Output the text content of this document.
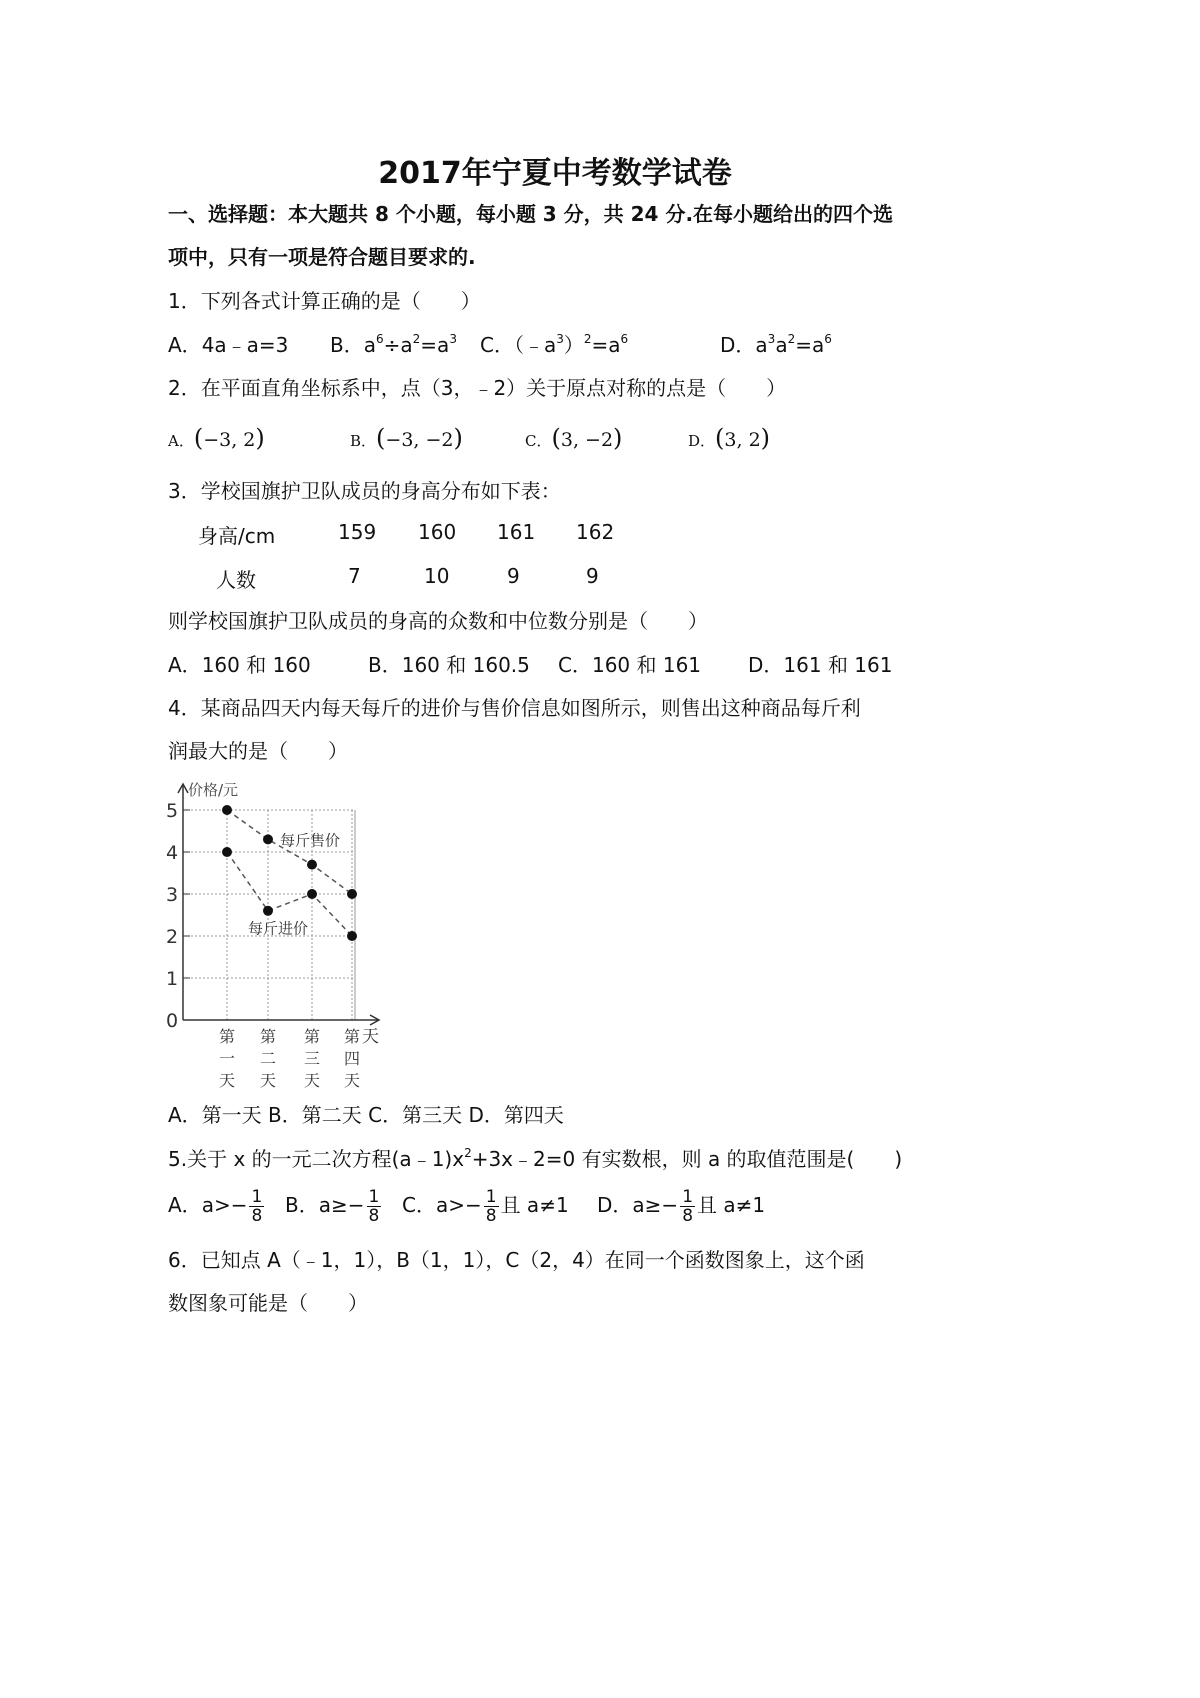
2017年宁夏中考数学试卷
一、选择题：本大题共 8 个小题，每小题 3 分，共 24 分.在每小题给出的四个选
项中，只有一项是符合题目要求的.
1．下列各式计算正确的是（　　）
A．4a﹣a=3 B．$a^6\div a^2=a^3$ C．$(﹣a^3)^2=a^6$	D．$a^3a^2=a^6$
2．在平面直角坐标系中，点（3，﹣2）关于原点对称的点是（　　）
A．(−3, 2)	B．(−3, −2)	C．(3, −2)	D．(3, 2)
3．学校国旗护卫队成员的身高分布如下表：
身高/cm	159 160 161 162
人数	7	10	9	9
则学校国旗护卫队成员的身高的众数和中位数分别是（　　）
A．160 和 160	B．160 和 160.5 C．160 和 161 D．161 和 161
4．某商品四天内每天每斤的进价与售价信息如图所示，则售出这种商品每斤利
润最大的是（　　）
价格/元
天
0
1
2
3
4
5
第
一
天
第
二
天
第
三
天
第
四
天
每斤售价
每斤进价
A．第一天 B．第二天 C．第三天 D．第四天
5.关于 x 的一元二次方程$(a﹣1)x^2+3x﹣2=0$ 有实数根，则 a 的取值范围是(　　)
A．$a>- \frac{1}{8}$ B．$a\ge- \frac{1}{8}$ C．$a>- \frac{1}{8}$ 且 a≠1 D．$a\ge- \frac{1}{8}$ 且 a≠1
6．已知点 A（﹣1，1），B（1，1），C（2，4）在同一个函数图象上，这个函
数图象可能是（　　）
